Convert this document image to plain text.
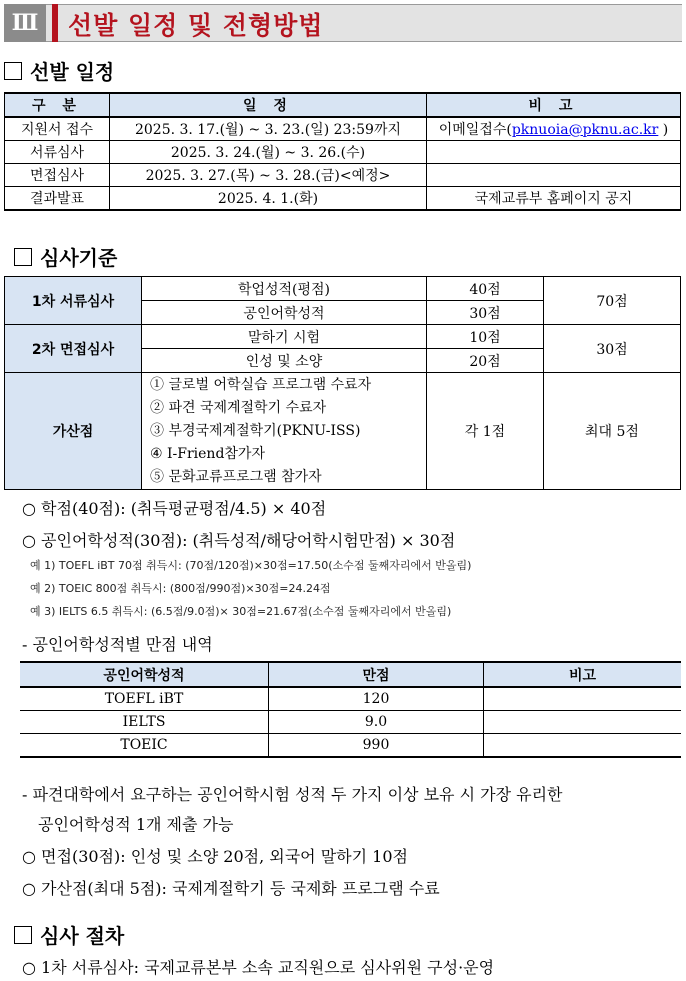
Ⅲ	선발 일정 및 전형방법
선발 일정
구 분	일 정	비 고
지원서 접수	2025. 3. 17.(월) ~ 3. 23.(일) 23:59까지	이메일접수(pknuoia@pknu.ac.kr )
서류심사	2025. 3. 24.(월) ~ 3. 26.(수)	
면접심사	2025. 3. 27.(목) ~ 3. 28.(금)<예정>	
결과발표	2025. 4. 1.(화)	국제교류부 홈페이지 공지
심사기준
1차 서류심사	학업성적(평점)	40점	70점
	공인어학성적	30점	
2차 면접심사	말하기 시험	10점	30점
	인성 및 소양	20점	
가산점	① 글로벌 어학실습 프로그램 수료자
② 파견 국제계절학기 수료자
③ 부경국제계절학기(PKNU-ISS)
④ I-Friend참가자
⑤ 문화교류프로그램 참가자	각 1점	최대 5점
○ 학점(40점): (취득평균평점/4.5) × 40점
○ 공인어학성적(30점): (취득성적/해당어학시험만점) × 30점
예 1) TOEFL iBT 70점 취득시: (70점/120점)×30점=17.50(소수점 둘째자리에서 반올림)
예 2) TOEIC 800점 취득시: (800점/990점)×30점=24.24점
예 3) IELTS 6.5 취득시: (6.5점/9.0점)× 30점=21.67점(소수점 둘째자리에서 반올림)
- 공인어학성적별 만점 내역
공인어학성적	만점	비고
TOEFL iBT	120	
IELTS	9.0	
TOEIC	990	
- 파견대학에서 요구하는 공인어학시험 성적 두 가지 이상 보유 시 가장 유리한
공인어학성적 1개 제출 가능
○ 면접(30점): 인성 및 소양 20점, 외국어 말하기 10점
○ 가산점(최대 5점): 국제계절학기 등 국제화 프로그램 수료
심사 절차
○ 1차 서류심사: 국제교류본부 소속 교직원으로 심사위원 구성·운영
